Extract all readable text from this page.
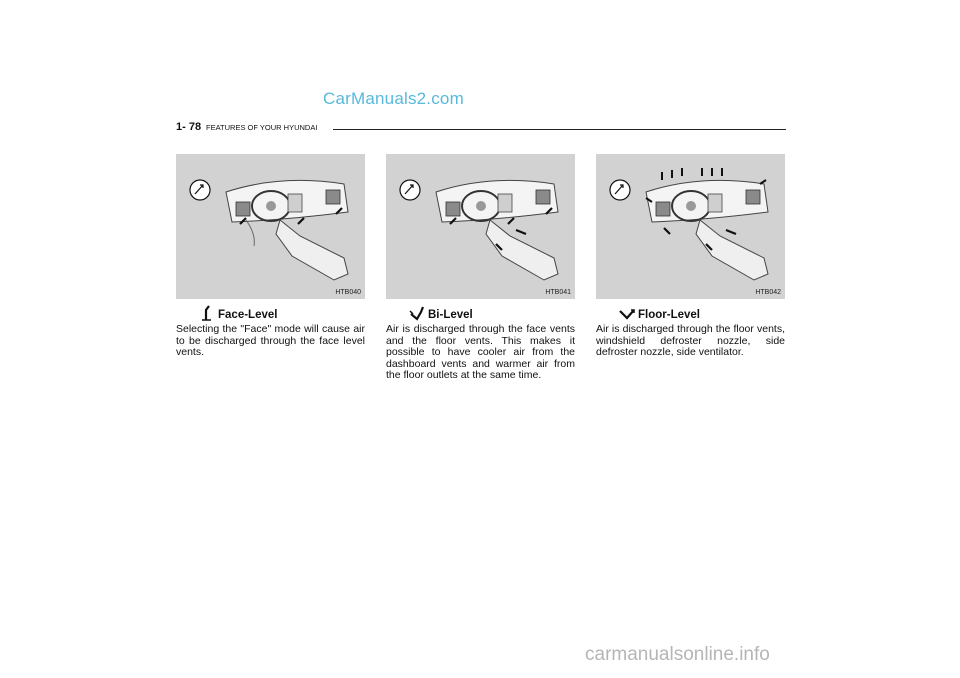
CarManuals2.com
1- 78 FEATURES OF YOUR HYUNDAI
HTB040
Face-Level

Selecting the "Face" mode will cause air to be discharged through the face level vents.

HTB041
Bi-Level

Air is discharged through the face vents and the floor vents. This makes it possible to have cooler air from the dashboard vents and warmer air from the floor outlets at the same time.

HTB042
Floor-Level

Air is discharged through the floor vents, windshield defroster nozzle, side defroster nozzle, side ventilator.

carmanualsonline.info
